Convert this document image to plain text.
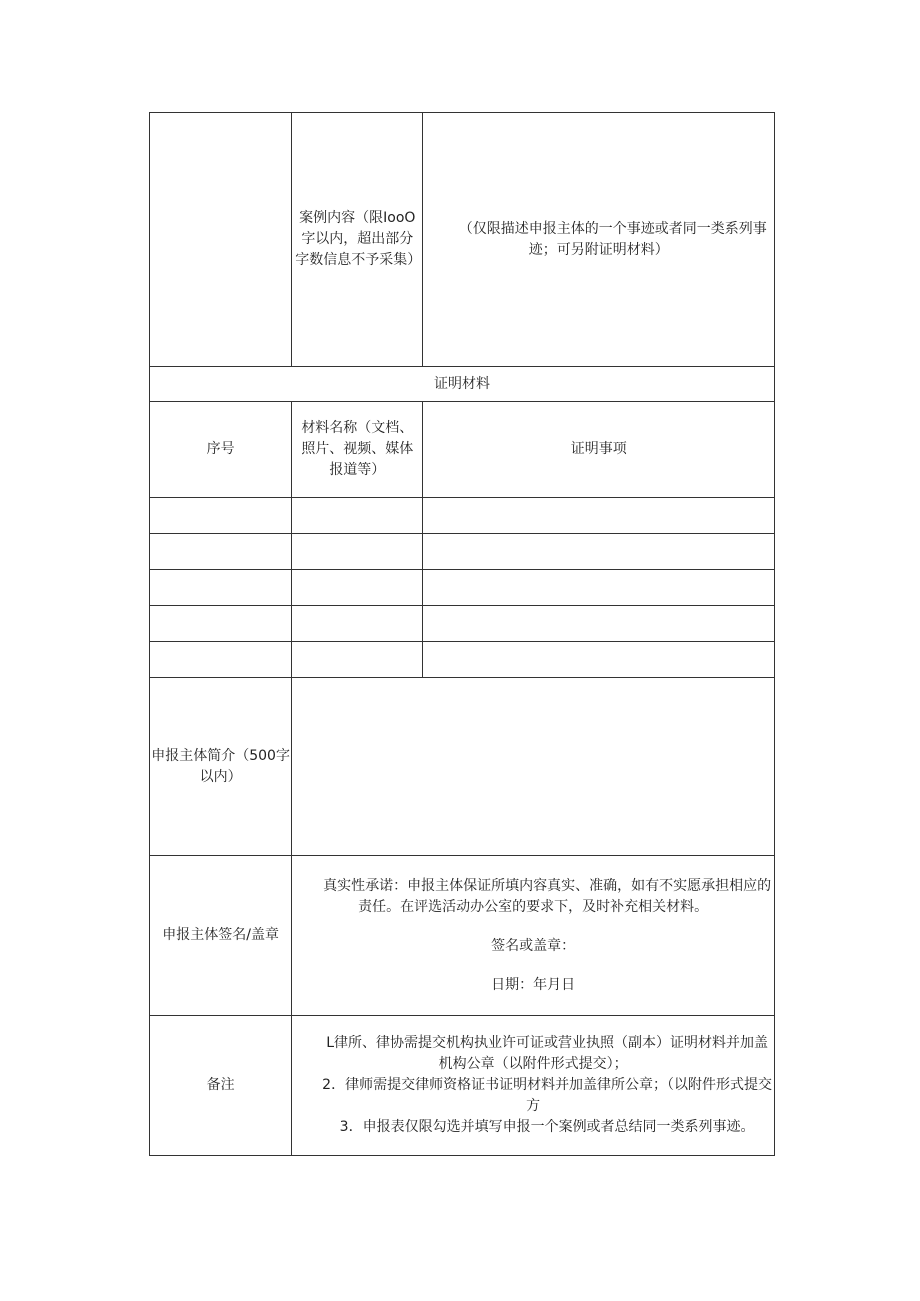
	案例内容（限IooO字以内，超出部分字数信息不予采集）	（仅限描述申报主体的一个事迹或者同一类系列事迹；可另附证明材料）

证明材料		
序号	材料名称（文档、照片、视频、媒体报道等）	证明事项

申报主体简介（500字以内）		
申报主体签名/盖章	真实性承诺：申报主体保证所填内容真实、准确，如有不实愿承担相应的责任。在评选活动办公室的要求下，及时补充相关材料。
签名或盖章：
日期：年月日	

备注	L律所、律协需提交机构执业许可证或营业执照（副本）证明材料并加盖机构公章（以附件形式提交）；
2．律师需提交律师资格证书证明材料并加盖律所公章；（以附件形式提交方
3．申报表仅限勾选并填写申报一个案例或者总结同一类系列事迹。	
